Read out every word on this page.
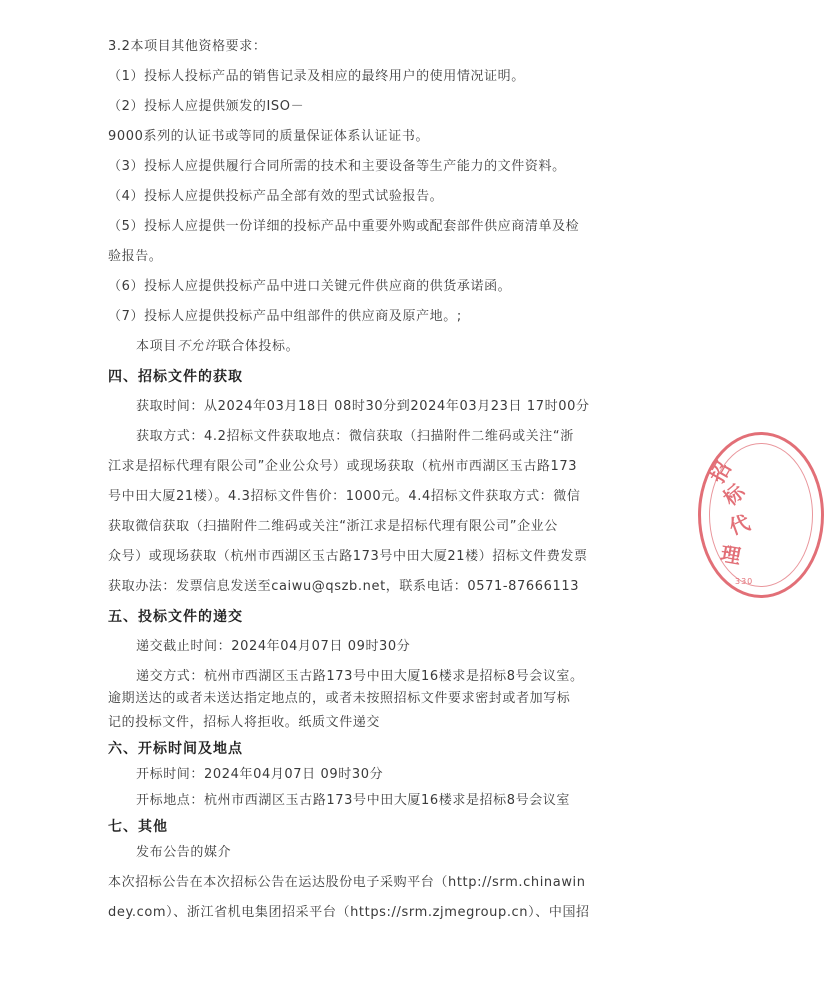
3.2本项目其他资格要求：
（1）投标人投标产品的销售记录及相应的最终用户的使用情况证明。
（2）投标人应提供颁发的ISO－
9000系列的认证书或等同的质量保证体系认证证书。
（3）投标人应提供履行合同所需的技术和主要设备等生产能力的文件资料。
（4）投标人应提供投标产品全部有效的型式试验报告。
（5）投标人应提供一份详细的投标产品中重要外购或配套部件供应商清单及检
验报告。
（6）投标人应提供投标产品中进口关键元件供应商的供货承诺函。
（7）投标人应提供投标产品中组部件的供应商及原产地。;
本项目不允许联合体投标。
四、招标文件的获取
获取时间：从2024年03月18日 08时30分到2024年03月23日 17时00分
获取方式：4.2招标文件获取地点：微信获取（扫描附件二维码或关注“浙
江求是招标代理有限公司”企业公众号）或现场获取（杭州市西湖区玉古路173
号中田大厦21楼）。4.3招标文件售价：1000元。4.4招标文件获取方式：微信
获取微信获取（扫描附件二维码或关注“浙江求是招标代理有限公司”企业公
众号）或现场获取（杭州市西湖区玉古路173号中田大厦21楼）招标文件费发票
获取办法：发票信息发送至caiwu@qszb.net，联系电话：0571-87666113
五、投标文件的递交
递交截止时间：2024年04月07日 09时30分
递交方式：杭州市西湖区玉古路173号中田大厦16楼求是招标8号会议室。
逾期送达的或者未送达指定地点的，或者未按照招标文件要求密封或者加写标
记的投标文件，招标人将拒收。纸质文件递交
六、开标时间及地点
开标时间：2024年04月07日 09时30分
开标地点：杭州市西湖区玉古路173号中田大厦16楼求是招标8号会议室
七、其他
发布公告的媒介
本次招标公告在本次招标公告在运达股份电子采购平台（http://srm.chinawin
dey.com）、浙江省机电集团招采平台（https://srm.zjmegroup.cn）、中国招
招
标
代
理
330
